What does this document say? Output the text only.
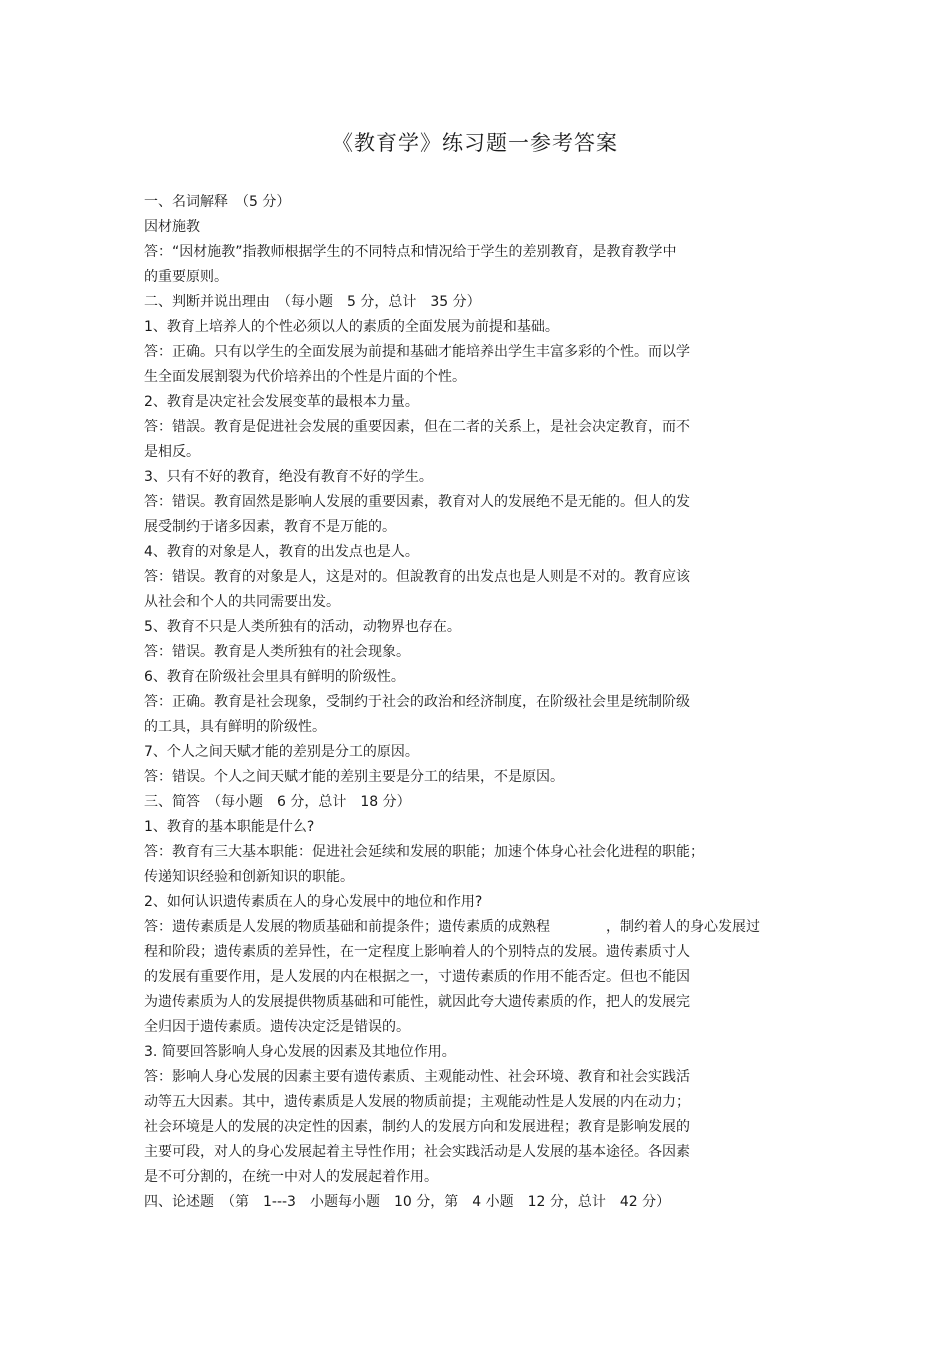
《教育学》练习题一参考答案
一、名词解释　（5 分）
因材施教
答：“因材施教”指教师根据学生的不同特点和情况给于学生的差别教育，是教育教学中
的重要原则。
二、判断并说出理由　（每小题　5 分，总计　35 分）
1、教育上培养人的个性必须以人的素质的全面发展为前提和基础。
答：正确。只有以学生的全面发展为前提和基础才能培养出学生丰富多彩的个性。而以学
生全面发展割裂为代价培养出的个性是片面的个性。
2、教育是决定社会发展变革的最根本力量。
答：错誤。教育是促进社会发展的重要因素，但在二者的关系上，是社会决定教育，而不
是相反。
3、只有不好的教育，绝没有教育不好的学生。
答：错误。教育固然是影响人发展的重要因素，教育对人的发展绝不是无能的。但人的发
展受制约于诸多因素，教育不是万能的。
4、教育的对象是人，教育的出发点也是人。
答：错误。教育的对象是人，这是对的。但說教育的出发点也是人则是不对的。教育应该
从社会和个人的共同需要出发。
5、教育不只是人类所独有的活动，动物界也存在。
答：错误。教育是人类所独有的社会现象。
6、教育在阶级社会里具有鲜明的阶级性。
答：正确。教育是社会现象，受制约于社会的政治和经济制度，在阶级社会里是统制阶级
的工具，具有鲜明的阶级性。
7、个人之间天赋才能的差别是分工的原因。
答：错误。个人之间天赋才能的差别主要是分工的结果，不是原因。
三、简答　（每小题　6 分，总计　18 分）
1、教育的基本职能是什么?
答：教育有三大基本职能：促进社会延续和发展的职能；加速个体身心社会化进程的职能；
传递知识经验和创新知识的职能。
2、如何认识遗传素质在人的身心发展中的地位和作用?
答：遗传素质是人发展的物质基础和前提条件；遗传素质的成熟程　　　　，制约着人的身心发展过
程和阶段；遗传素质的差异性，在一定程度上影响着人的个别特点的发展。遗传素质寸人
的发展有重要作用，是人发展的内在根据之一，寸遗传素质的作用不能否定。但也不能因
为遗传素质为人的发展提供物质基础和可能性，就因此夸大遗传素质的作，把人的发展完
全归因于遗传素质。遗传决定泛是错误的。
3. 简要回答影响人身心发展的因素及其地位作用。
答：影响人身心发展的因素主要有遗传素质、主观能动性、社会环境、教育和社会实践活
动等五大因素。其中，遗传素质是人发展的物质前提；主观能动性是人发展的内在动力；
社会环境是人的发展的决定性的因素，制约人的发展方向和发展进程；教育是影响发展的
主要可段，对人的身心发展起着主导性作用；社会实践活动是人发展的基本途径。各因素
是不可分割的，在统一中对人的发展起着作用。
四、论述题　（第　1---3　小题每小题　10 分，第　4 小题　12 分，总计　42 分）
